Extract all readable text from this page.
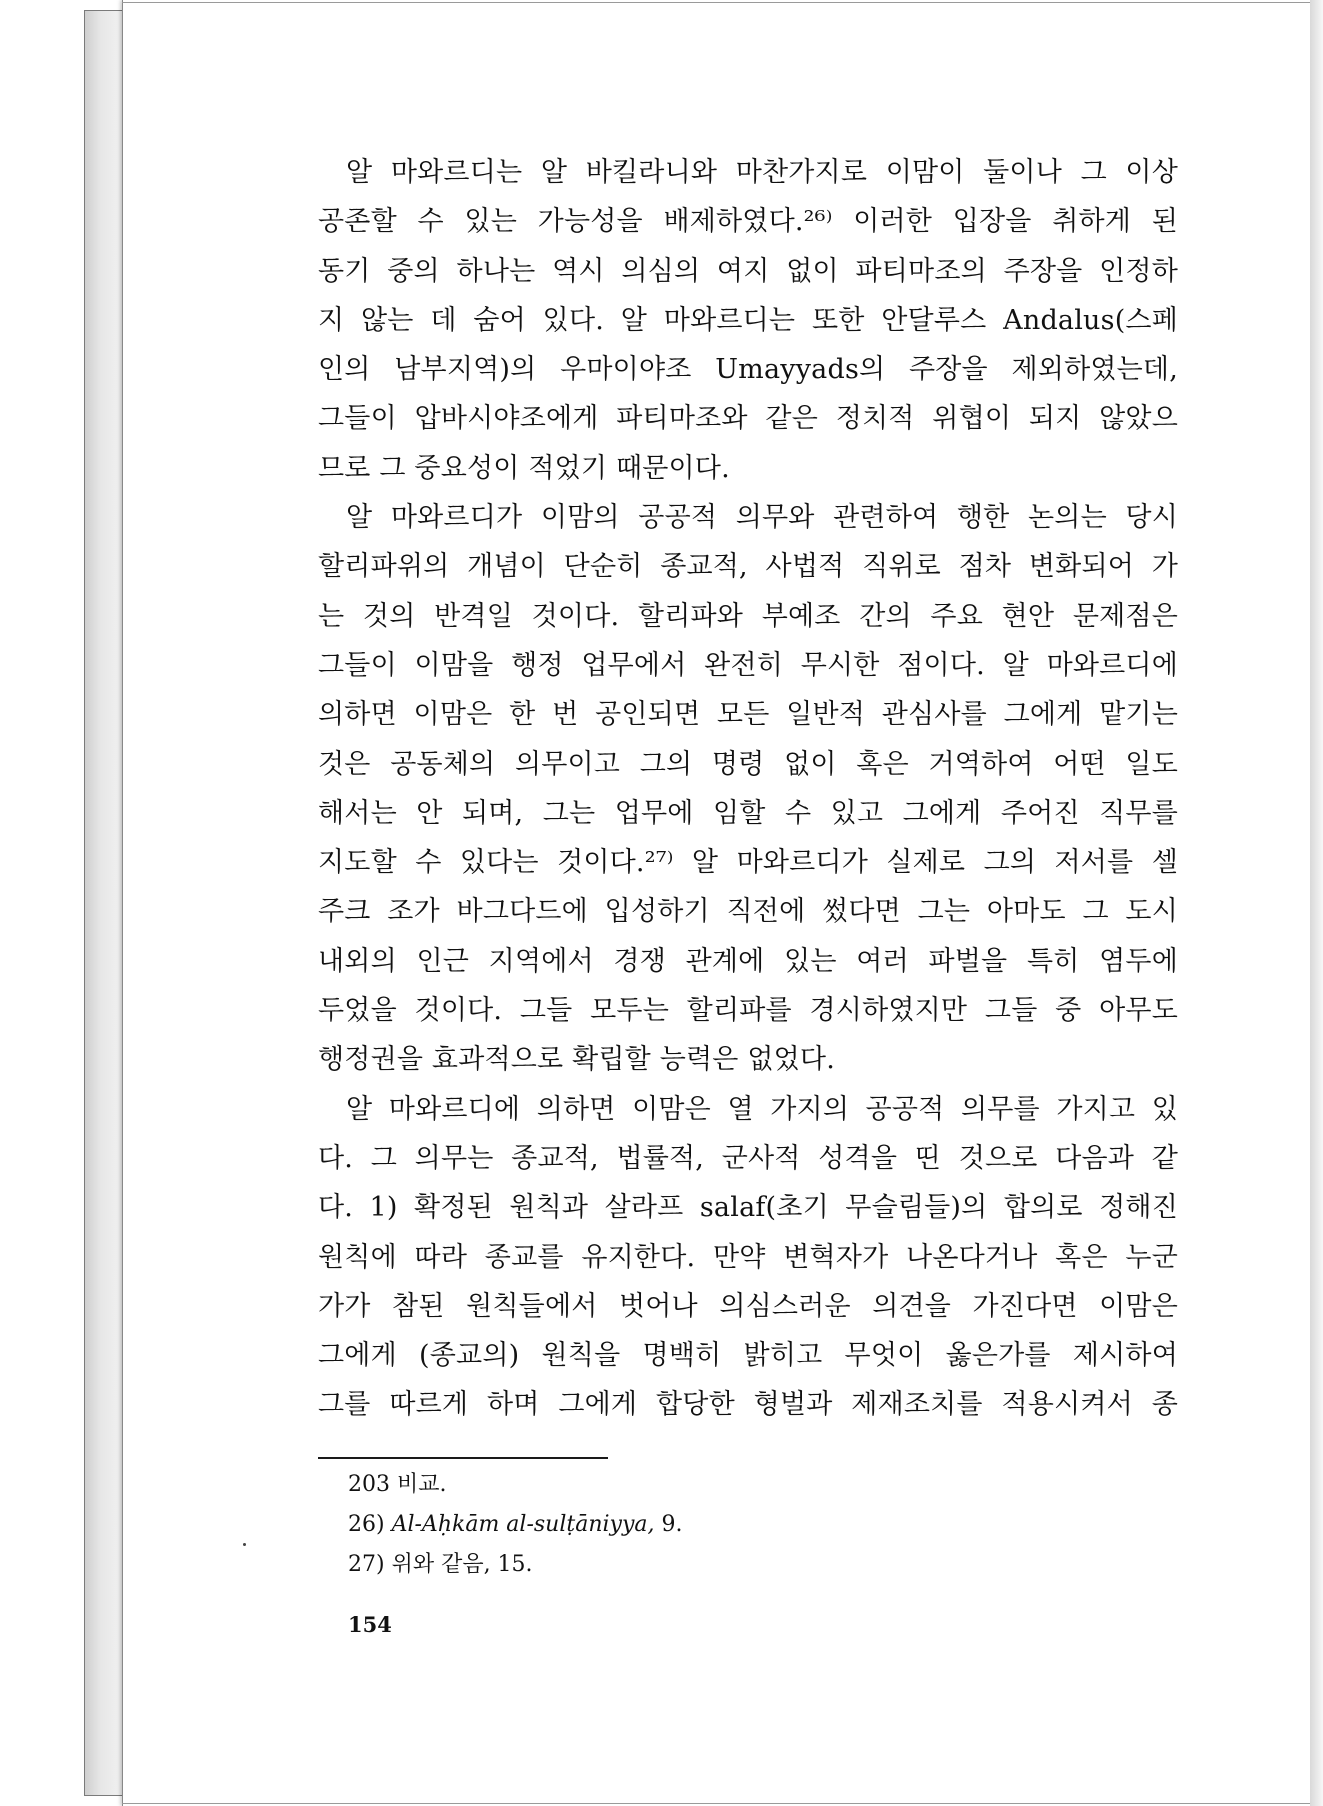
알 마와르디는 알 바킬라니와 마찬가지로 이맘이 둘이나 그 이상
공존할 수 있는 가능성을 배제하였다.²⁶⁾ 이러한 입장을 취하게 된
동기 중의 하나는 역시 의심의 여지 없이 파티마조의 주장을 인정하
지 않는 데 숨어 있다. 알 마와르디는 또한 안달루스 Andalus(스페
인의 남부지역)의 우마이야조 Umayyads의 주장을 제외하였는데,
그들이 압바시야조에게 파티마조와 같은 정치적 위협이 되지 않았으
므로 그 중요성이 적었기 때문이다.
알 마와르디가 이맘의 공공적 의무와 관련하여 행한 논의는 당시
할리파위의 개념이 단순히 종교적, 사법적 직위로 점차 변화되어 가
는 것의 반격일 것이다. 할리파와 부예조 간의 주요 현안 문제점은
그들이 이맘을 행정 업무에서 완전히 무시한 점이다. 알 마와르디에
의하면 이맘은 한 번 공인되면 모든 일반적 관심사를 그에게 맡기는
것은 공동체의 의무이고 그의 명령 없이 혹은 거역하여 어떤 일도
해서는 안 되며, 그는 업무에 임할 수 있고 그에게 주어진 직무를
지도할 수 있다는 것이다.²⁷⁾ 알 마와르디가 실제로 그의 저서를 셀
주크 조가 바그다드에 입성하기 직전에 썼다면 그는 아마도 그 도시
내외의 인근 지역에서 경쟁 관계에 있는 여러 파벌을 특히 염두에
두었을 것이다. 그들 모두는 할리파를 경시하였지만 그들 중 아무도
행정권을 효과적으로 확립할 능력은 없었다.
알 마와르디에 의하면 이맘은 열 가지의 공공적 의무를 가지고 있
다. 그 의무는 종교적, 법률적, 군사적 성격을 띤 것으로 다음과 같
다. 1) 확정된 원칙과 살라프 salaf(초기 무슬림들)의 합의로 정해진
원칙에 따라 종교를 유지한다. 만약 변혁자가 나온다거나 혹은 누군
가가 참된 원칙들에서 벗어나 의심스러운 의견을 가진다면 이맘은
그에게 (종교의) 원칙을 명백히 밝히고 무엇이 옳은가를 제시하여
그를 따르게 하며 그에게 합당한 형벌과 제재조치를 적용시켜서 종
203 비교.
26) Al-Aḥkām al-sulṭāniyya, 9.
27) 위와 같음, 15.
154
